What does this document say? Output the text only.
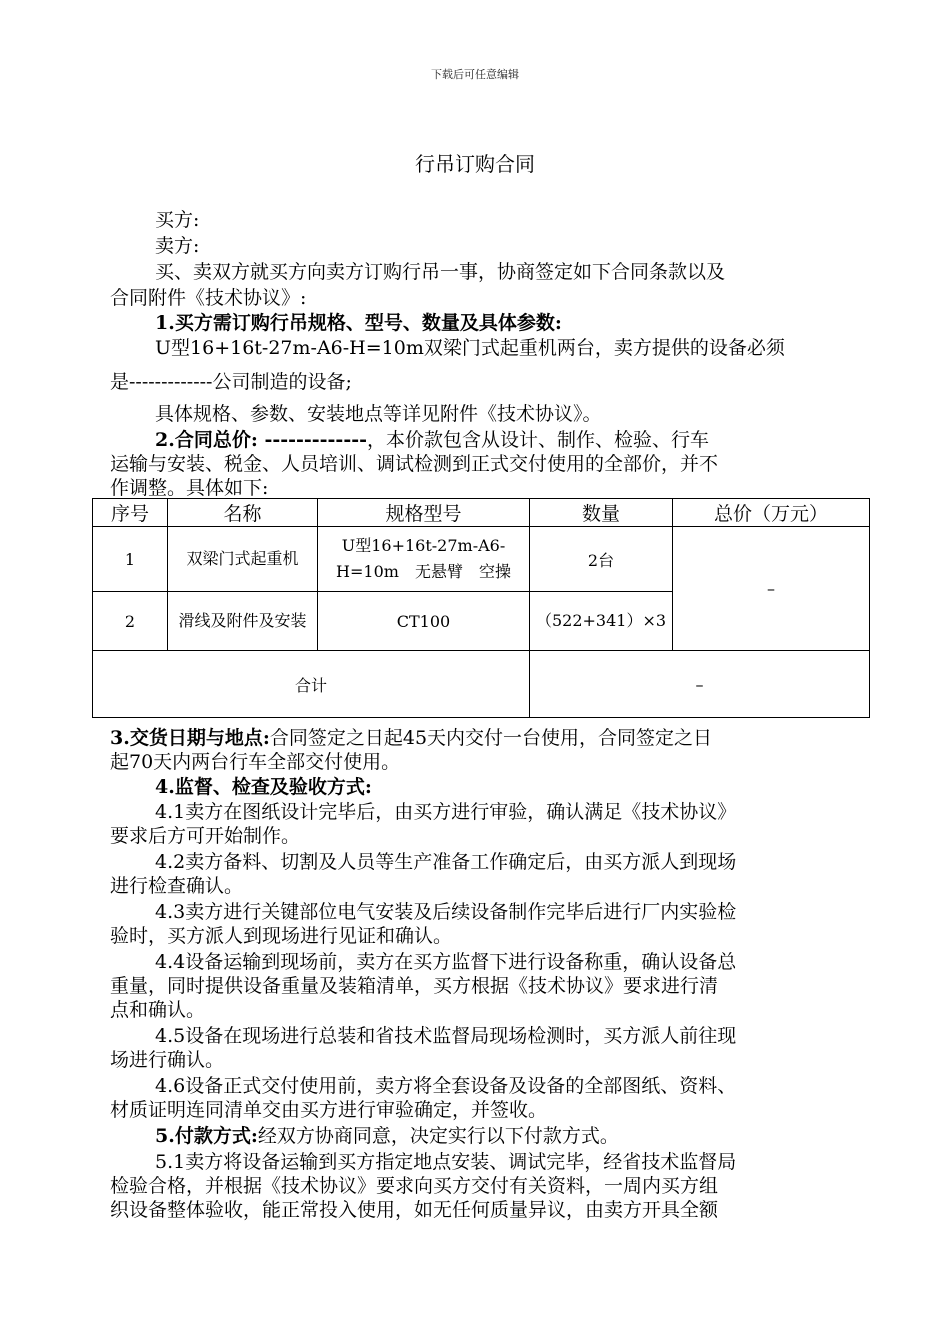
下载后可任意编辑
行吊订购合同
买方:
卖方:
买、卖双方就买方向卖方订购行吊一事，协商签定如下合同条款以及
合同附件《技术协议》:
1.买方需订购行吊规格、型号、数量及具体参数:
U型16+16t-27m-A6-H=10m双梁门式起重机两台，卖方提供的设备必须
是-------------公司制造的设备;
具体规格、参数、安装地点等详见附件《技术协议》。
2.合同总价: -------------，本价款包含从设计、制作、检验、行车
运输与安装、税金、人员培训、调试检测到正式交付使用的全部价，并不
作调整。具体如下:
序号	名称	规格型号	数量	总价（万元）
1	双梁门式起重机	U型16+16t-27m-A6-H=10m　无悬臂　空操	2台	–
2	滑线及附件及安装	CT100	（522+341）×3	
合计			–	
3.交货日期与地点:合同签定之日起45天内交付一台使用，合同签定之日
起70天内两台行车全部交付使用。
4.监督、检查及验收方式:
4.1卖方在图纸设计完毕后，由买方进行审验，确认满足《技术协议》
要求后方可开始制作。
4.2卖方备料、切割及人员等生产准备工作确定后，由买方派人到现场
进行检查确认。
4.3卖方进行关键部位电气安装及后续设备制作完毕后进行厂内实验检
验时，买方派人到现场进行见证和确认。
4.4设备运输到现场前，卖方在买方监督下进行设备称重，确认设备总
重量，同时提供设备重量及装箱清单，买方根据《技术协议》要求进行清
点和确认。
4.5设备在现场进行总装和省技术监督局现场检测时，买方派人前往现
场进行确认。
4.6设备正式交付使用前，卖方将全套设备及设备的全部图纸、资料、
材质证明连同清单交由买方进行审验确定，并签收。
5.付款方式:经双方协商同意，决定实行以下付款方式。
5.1卖方将设备运输到买方指定地点安装、调试完毕，经省技术监督局
检验合格，并根据《技术协议》要求向买方交付有关资料，一周内买方组
织设备整体验收，能正常投入使用，如无任何质量异议，由卖方开具全额
